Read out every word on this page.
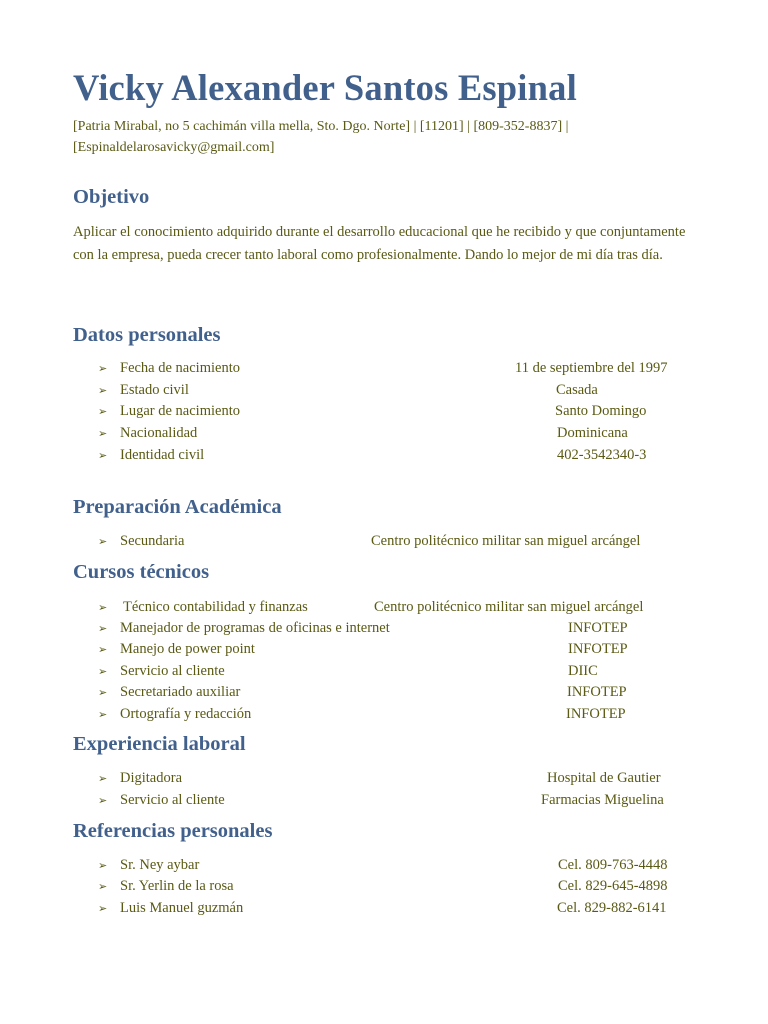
Vicky Alexander Santos Espinal
[Patria Mirabal, no 5 cachimán villa mella, Sto. Dgo. Norte] | [11201] | [809-352-8837] |
[Espinaldelarosavicky@gmail.com]
Objetivo

Aplicar el conocimiento adquirido durante el desarrollo educacional que he recibido y que conjuntamente con la empresa, pueda crecer tanto laboral como profesionalmente. Dando lo mejor de mi día tras día.

Datos personales
➢ Fecha de nacimiento	11 de septiembre del 1997
➢ Estado civil	Casada
➢ Lugar de nacimiento	Santo Domingo
➢ Nacionalidad	Dominicana
➢ Identidad civil	402-3542340-3
Preparación Académica
➢ Secundaria	Centro politécnico militar san miguel arcángel
Cursos técnicos
➢ Técnico contabilidad y finanzas	Centro politécnico militar san miguel arcángel
➢ Manejador de programas de oficinas e internet	INFOTEP
➢ Manejo de power point	INFOTEP
➢ Servicio al cliente	DIIC
➢ Secretariado auxiliar	INFOTEP
➢ Ortografía y redacción	INFOTEP
Experiencia laboral
➢ Digitadora	Hospital de Gautier
➢ Servicio al cliente	Farmacias Miguelina
Referencias personales
➢ Sr. Ney aybar	Cel. 809-763-4448
➢ Sr. Yerlin de la rosa	Cel. 829-645-4898
➢ Luis Manuel guzmán	Cel. 829-882-6141
